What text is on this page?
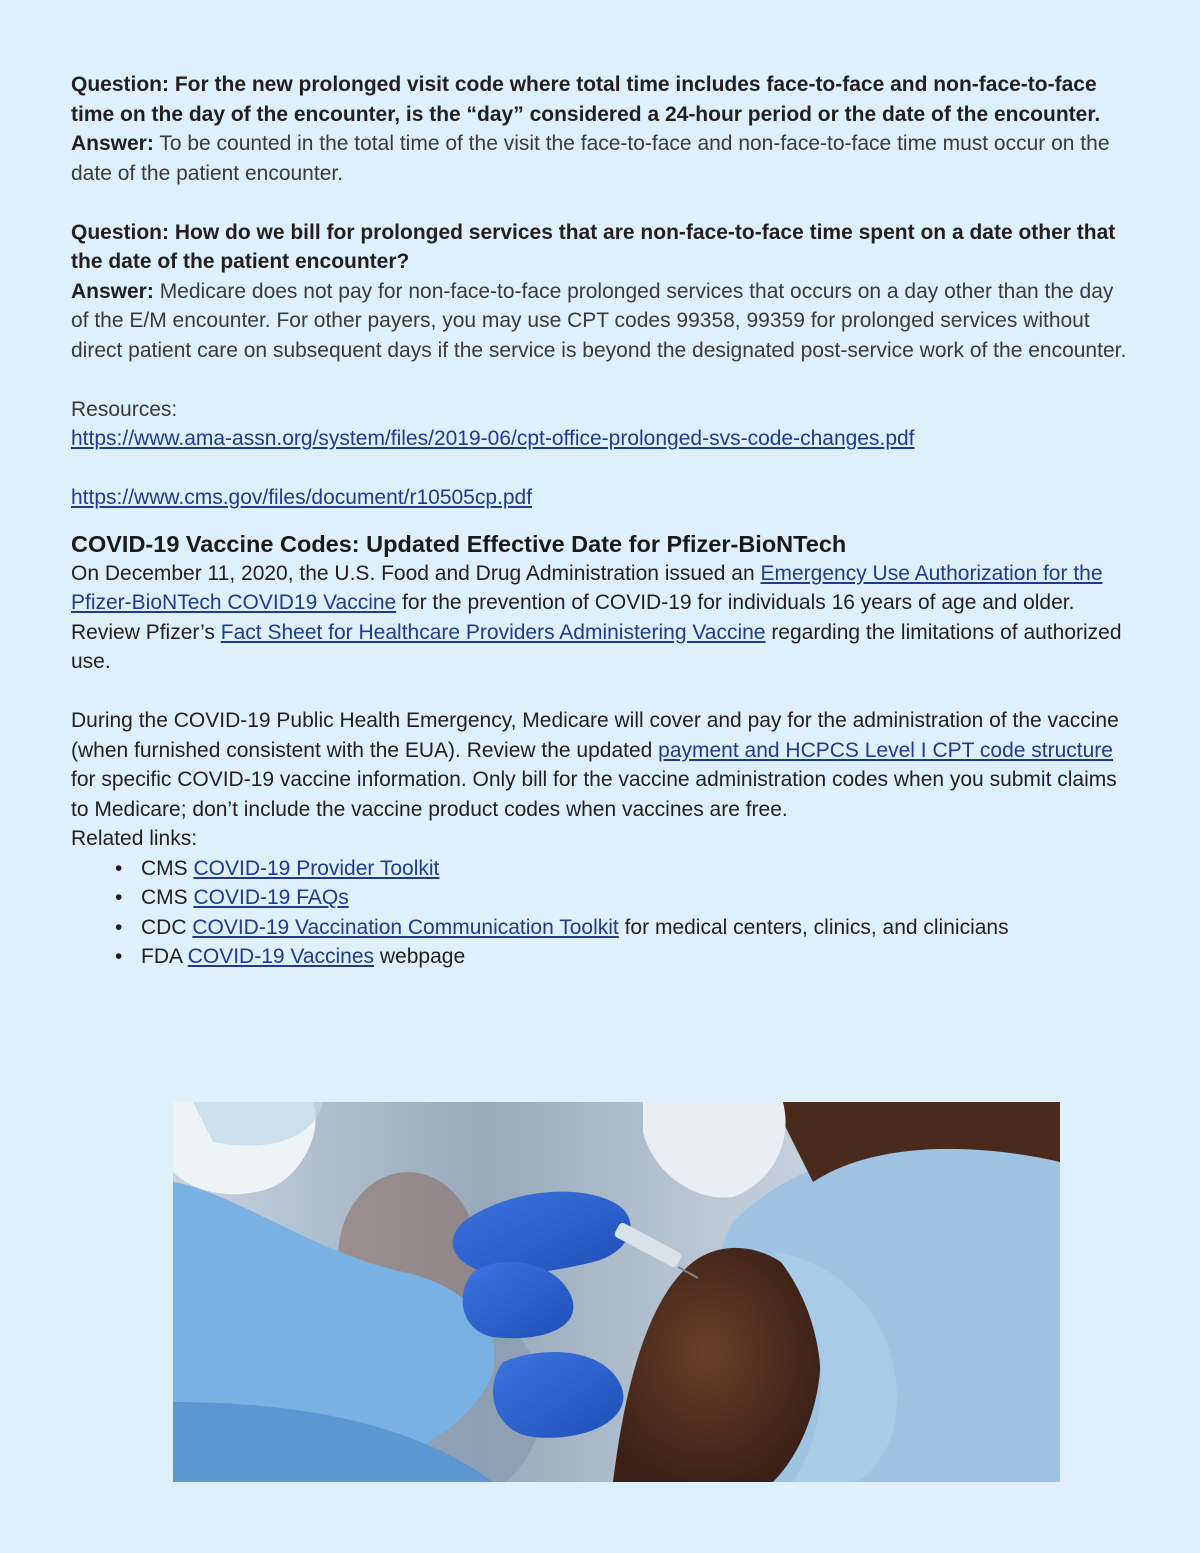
Question: For the new prolonged visit code where total time includes face-to-face and non-face-to-face time on the day of the encounter, is the “day” considered a 24-hour period or the date of the encounter.

Answer: To be counted in the total time of the visit the face-to-face and non-face-to-face time must occur on the date of the patient encounter.

Question: How do we bill for prolonged services that are non-face-to-face time spent on a date other that the date of the patient encounter?

Answer: Medicare does not pay for non-face-to-face prolonged services that occurs on a day other than the day of the E/M encounter. For other payers, you may use CPT codes 99358, 99359 for prolonged services without direct patient care on subsequent days if the service is beyond the designated post-service work of the encounter.

Resources:

https://www.ama-assn.org/system/files/2019-06/cpt-office-prolonged-svs-code-changes.pdf

https://www.cms.gov/files/document/r10505cp.pdf

COVID-19 Vaccine Codes: Updated Effective Date for Pfizer-BioNTech

On December 11, 2020, the U.S. Food and Drug Administration issued an Emergency Use Authorization for the Pfizer-BioNTech COVID19 Vaccine for the prevention of COVID-19 for individuals 16 years of age and older. Review Pfizer’s Fact Sheet for Healthcare Providers Administering Vaccine regarding the limitations of authorized use.

During the COVID-19 Public Health Emergency, Medicare will cover and pay for the administration of the vaccine (when furnished consistent with the EUA). Review the updated payment and HCPCS Level I CPT code structure for specific COVID-19 vaccine information. Only bill for the vaccine administration codes when you submit claims to Medicare; don’t include the vaccine product codes when vaccines are free.

Related links:

• CMS COVID-19 Provider Toolkit
• CMS COVID-19 FAQs
• CDC COVID-19 Vaccination Communication Toolkit for medical centers, clinics, and clinicians
• FDA COVID-19 Vaccines webpage
